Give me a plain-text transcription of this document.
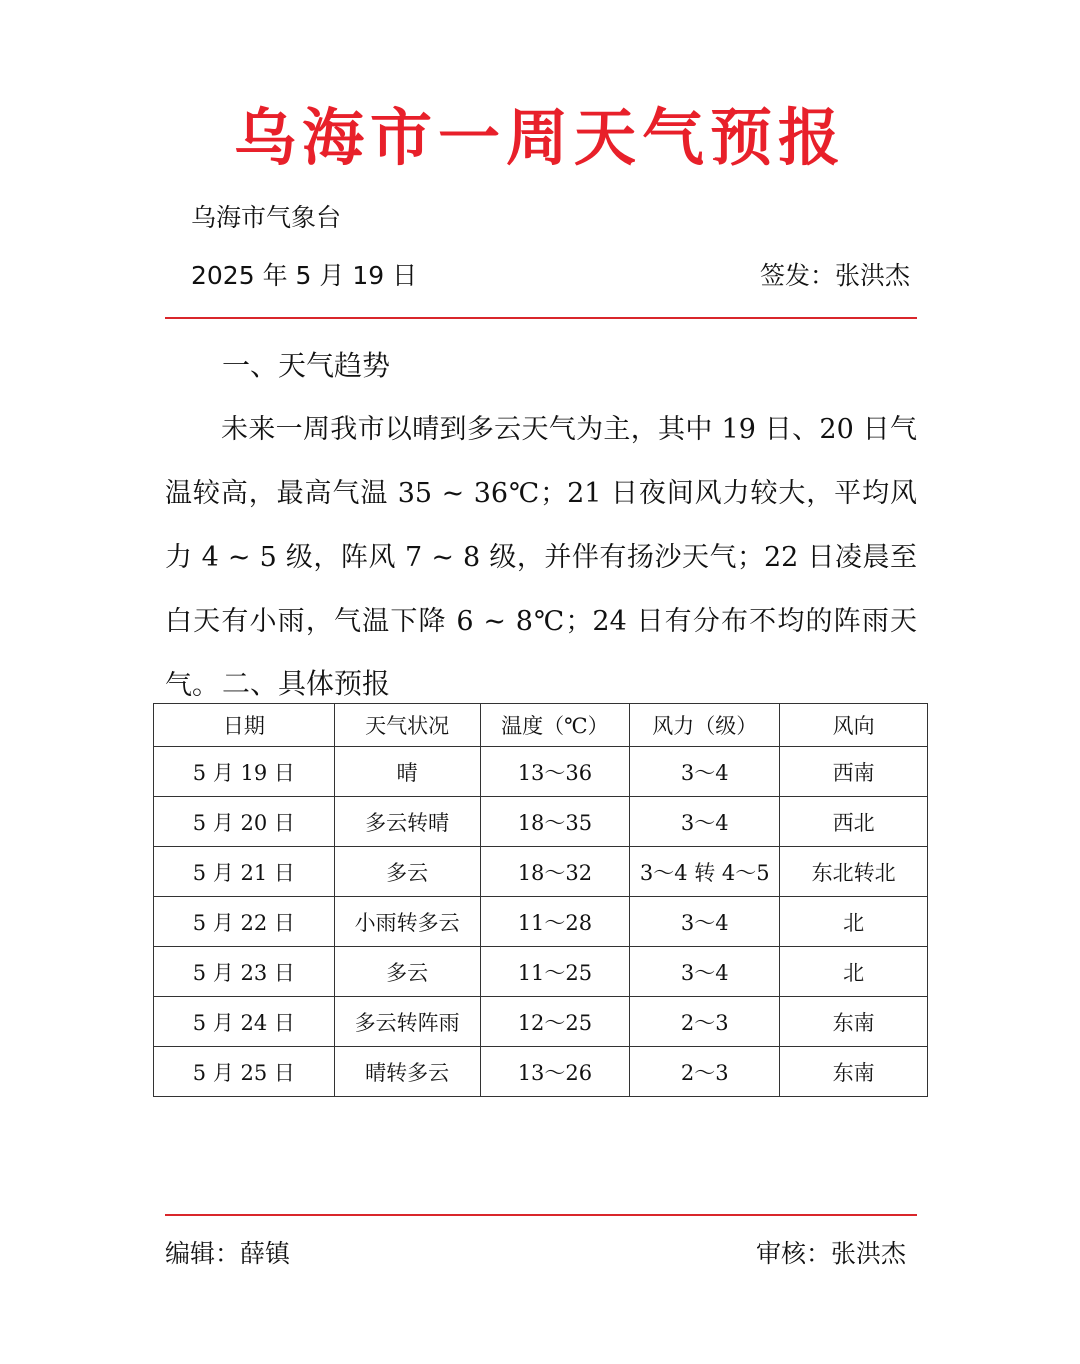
乌海市一周天气预报
乌海市气象台
2025 年 5 月 19 日	签发：张洪杰
一、天气趋势

未来一周我市以晴到多云天气为主，其中 19 日、20 日气温较高，最高气温 35 ~ 36℃；21 日夜间风力较大，平均风力 4 ~ 5 级，阵风 7 ~ 8 级，并伴有扬沙天气；22 日凌晨至白天有小雨，气温下降 6 ~ 8℃；24 日有分布不均的阵雨天气。 二、具体预报
日期	天气状况	温度（℃）	风力（级）	风向
5 月 19 日	晴	13～36	3～4	西南
5 月 20 日	多云转晴	18～35	3～4	西北
5 月 21 日	多云	18～32	3～4 转 4～5	东北转北
5 月 22 日	小雨转多云	11～28	3～4	北
5 月 23 日	多云	11～25	3～4	北
5 月 24 日	多云转阵雨	12～25	2～3	东南
5 月 25 日	晴转多云	13～26	2～3	东南
编辑：薛镇	审核：张洪杰
